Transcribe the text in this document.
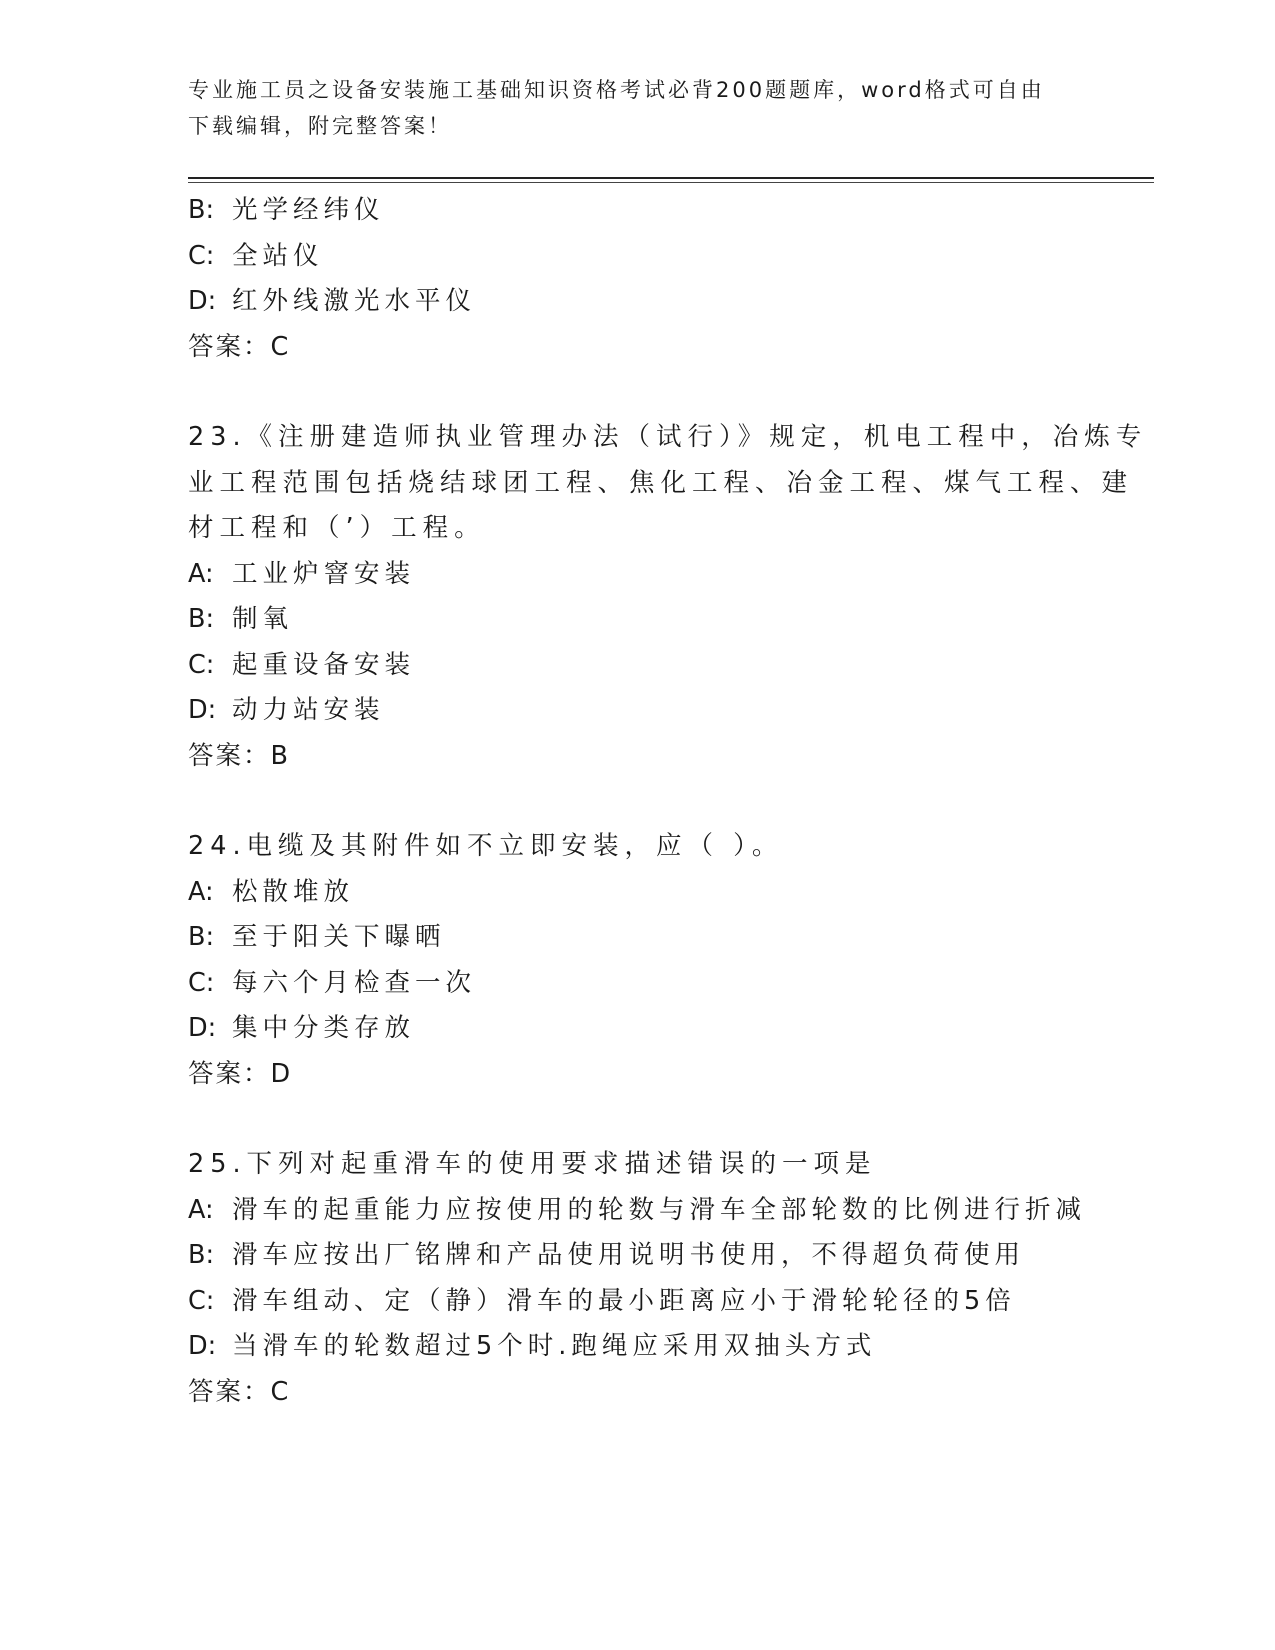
专业施工员之设备安装施工基础知识资格考试必背200题题库，word格式可自由
下载编辑，附完整答案！
B: 光学经纬仪
C: 全站仪
D: 红外线激光水平仪
答案：C
23.《注册建造师执业管理办法（试行）》规定，机电工程中，冶炼专
业工程范围包括烧结球团工程、焦化工程、冶金工程、煤气工程、建
材工程和（’）工程。
A: 工业炉窨安装
B: 制氧
C: 起重设备安装
D: 动力站安装
答案：B
24.电缆及其附件如不立即安装，应（ ）。
A: 松散堆放
B: 至于阳关下曝晒
C: 每六个月检查一次
D: 集中分类存放
答案：D
25.下列对起重滑车的使用要求描述错误的一项是
A: 滑车的起重能力应按使用的轮数与滑车全部轮数的比例进行折减
B: 滑车应按出厂铭牌和产品使用说明书使用，不得超负荷使用
C: 滑车组动、定（静）滑车的最小距离应小于滑轮轮径的5倍
D: 当滑车的轮数超过5个时.跑绳应采用双抽头方式
答案：C
